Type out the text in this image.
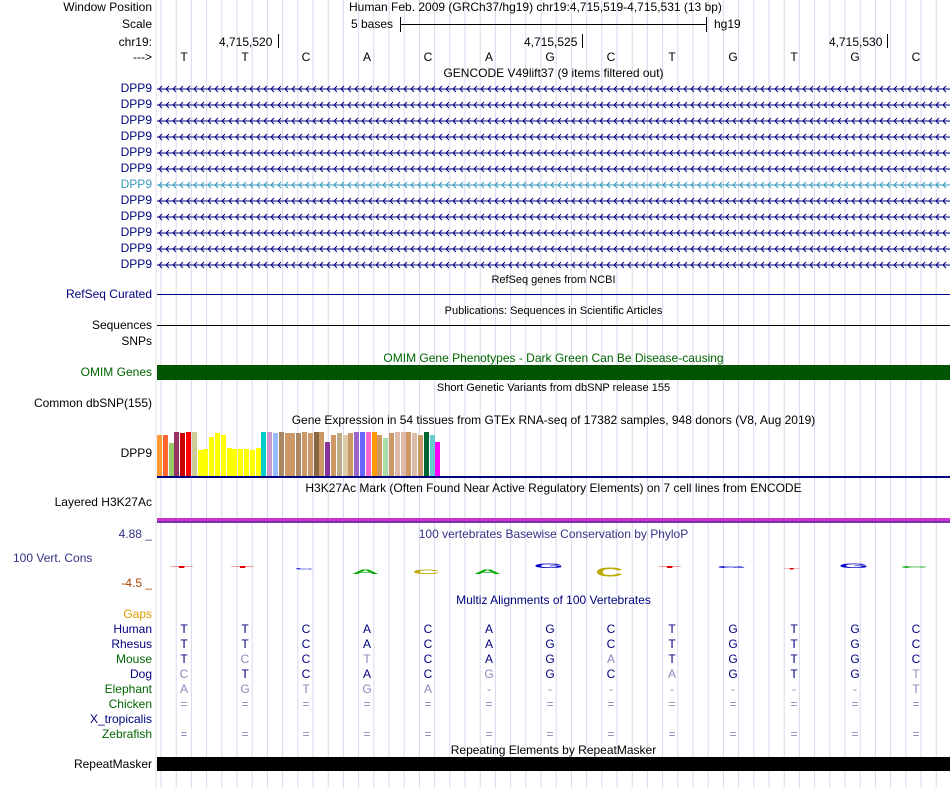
Window Position	Human Feb. 2009 (GRCh37/hg19) chr19:4,715,519-4,715,531 (13 bp)
Scale	5 bases	hg19
chr19:	4,715,520	4,715,525	4,715,530
---> T	T	C	A	C	A	G	C	T	G	T	G	C
GENCODE V49lift37 (9 items filtered out)
DPP9
DPP9
DPP9
DPP9
DPP9
DPP9
DPP9
DPP9
DPP9
DPP9
DPP9
DPP9
RefSeq genes from NCBI
RefSeq Curated
Publications: Sequences in Scientific Articles
Sequences
SNPs
OMIM Gene Phenotypes - Dark Green Can Be Disease-causing
OMIM Genes
Short Genetic Variants from dbSNP release 155
Common dbSNP(155)
Gene Expression in 54 tissues from GTEx RNA-seq of 17382 samples, 948 donors (V8, Aug 2019)
DPP9
H3K27Ac Mark (Often Found Near Active Regulatory Elements) on 7 cell lines from ENCODE
Layered H3K27Ac
100 vertebrates Basewise Conservation by PhyloP
4.88 _
100 Vert. Cons
-4.5 _
T	T
C	A	C	A
G	C	T	G
T	G	C
Multiz Alignments of 100 Vertebrates
Gaps
Human T	T	C	A	C	A	G	C	T	G	T	G	C
Rhesus T	T	C	A	C	A	G	C	T	G	T	G	C
Mouse T	C	C	T	C	A	G	A	T	G	T	G	C
Dog C	T	C	A	C	G	G	C	A	G	T	G	T
Elephant A	G	T	G	A	-	-	-	-	-	-	-	T
Chicken =	=	=	=	=	=	=	=	=	=	=	=	=
X_tropicalis
Zebrafish =	=	=	=	=	=	=	=	=	=	=	=	=
Repeating Elements by RepeatMasker
RepeatMasker
